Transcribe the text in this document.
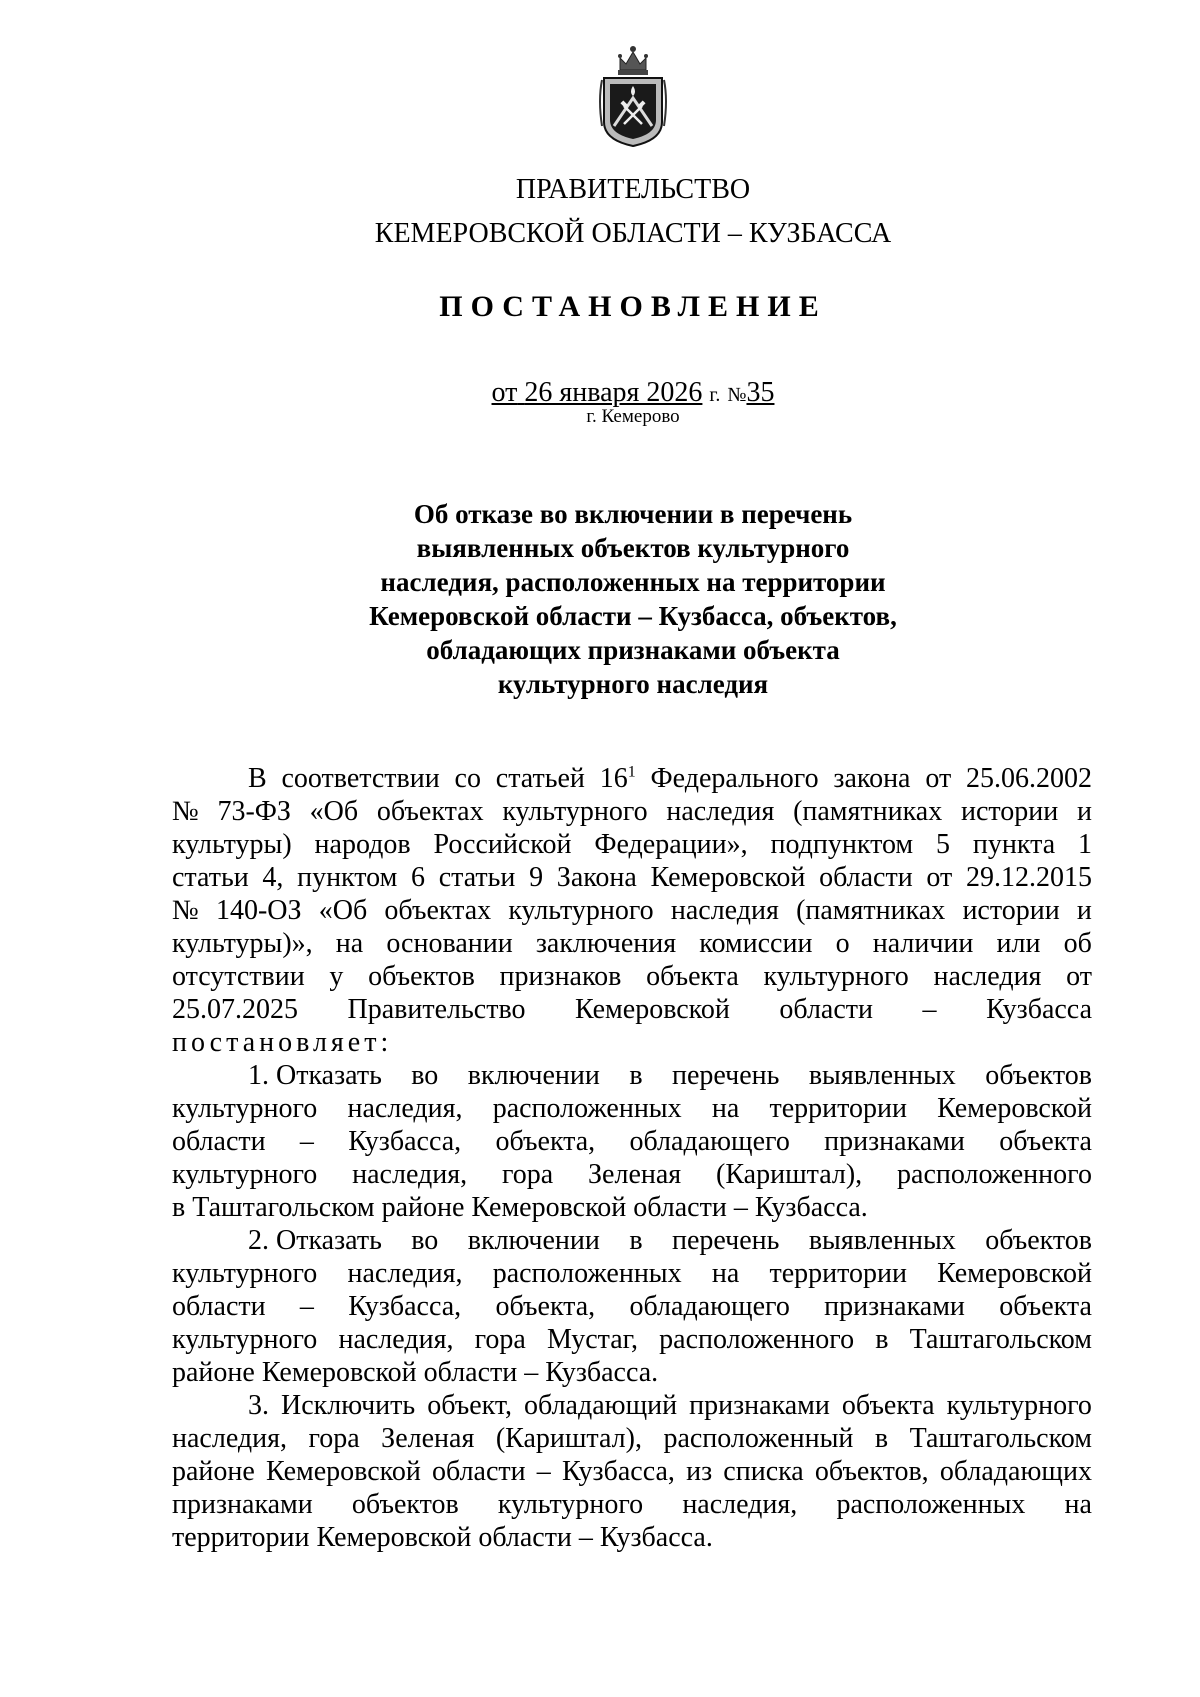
ПРАВИТЕЛЬСТВО
КЕМЕРОВСКОЙ ОБЛАСТИ – КУЗБАССА
ПОСТАНОВЛЕНИЕ
от 26 января 2026 г. №35
г. Кемерово
Об отказе во включении в перечень
выявленных объектов культурного
наследия, расположенных на территории
Кемеровской области – Кузбасса, объектов,
обладающих признаками объекта
культурного наследия
В соответствии со статьей $16^1$ Федерального закона от 25.06.2002
№ 73-ФЗ «Об объектах культурного наследия (памятниках истории и
культуры) народов Российской Федерации», подпунктом 5 пункта 1
статьи 4, пунктом 6 статьи 9 Закона Кемеровской области от 29.12.2015
№ 140-ОЗ «Об объектах культурного наследия (памятниках истории и
культуры)», на основании заключения комиссии о наличии или об
отсутствии у объектов признаков объекта культурного наследия от
25.07.2025 Правительство Кемеровской области – Кузбасса
постановляет:
1. Отказать во включении в перечень выявленных объектов
культурного наследия, расположенных на территории Кемеровской
области – Кузбасса, объекта, обладающего признаками объекта
культурного наследия, гора Зеленая (Кариштал), расположенного
в Таштагольском районе Кемеровской области – Кузбасса.
2. Отказать во включении в перечень выявленных объектов
культурного наследия, расположенных на территории Кемеровской
области – Кузбасса, объекта, обладающего признаками объекта
культурного наследия, гора Мустаг, расположенного в Таштагольском
районе Кемеровской области – Кузбасса.
3. Исключить объект, обладающий признаками объекта культурного
наследия, гора Зеленая (Кариштал), расположенный в Таштагольском
районе Кемеровской области – Кузбасса, из списка объектов, обладающих
признаками объектов культурного наследия, расположенных на
территории Кемеровской области – Кузбасса.
